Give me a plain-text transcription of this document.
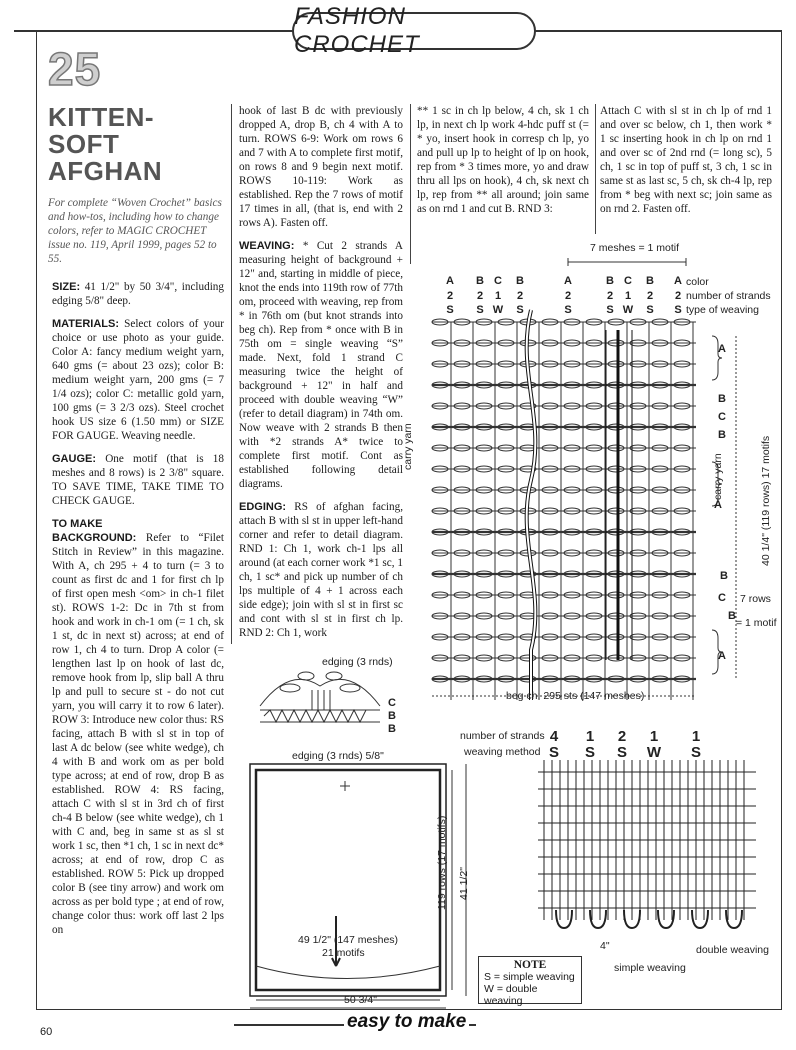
FASHION CROCHET
25
KITTEN-SOFT AFGHAN
For complete “Woven Crochet” basics and how-tos, including how to change colors, refer to MAGIC CROCHET issue no. 119, April 1999, pages 52 to 55.

SIZE: 41 1/2" by 50 3/4", including edging 5/8" deep.

MATERIALS: Select colors of your choice or use photo as your guide. Color A: fancy medium weight yarn, 640 gms (= about 23 ozs); color B: medium weight yarn, 200 gms (= 7 1/4 ozs); color C: metallic gold yarn, 100 gms (= 3 2/3 ozs). Steel crochet hook US size 6 (1.50 mm) or SIZE FOR GAUGE. Weaving needle.

GAUGE: One motif (that is 18 meshes and 8 rows) is 2 3/8" square. TO SAVE TIME, TAKE TIME TO CHECK GAUGE.

TO MAKE
BACKGROUND: Refer to “Filet Stitch in Review” in this magazine. With A, ch 295 + 4 to turn (= 3 to count as first dc and 1 for first ch lp of first open mesh <om> in ch-1 filet st). ROWS 1-2: Dc in 7th st from hook and work in ch-1 om (= 1 ch, sk 1 st, dc in next st) across; at end of row 1, ch 4 to turn. Drop A color (= lengthen last lp on hook of last dc, remove hook from lp, slip ball A thru lp and pull to secure st - do not cut yarn, you will carry it to row 6 later). ROW 3: Introduce new color thus: RS facing, attach B with sl st in top of last A dc below (see white wedge), ch 4 with B and work om as per bold type across; at end of row, drop B as established. ROW 4: RS facing, attach C with sl st in 3rd ch of first ch-4 B below (see white wedge), ch 1 with C and, beg in same st as sl st work 1 sc, then *1 ch, 1 sc in next dc* across; at end of row, drop C as established. ROW 5: Pick up dropped color B (see tiny arrow) and work om across as per bold type ; at end of row, change color thus: work off last 2 lps on

hook of last B dc with previously dropped A, drop B, ch 4 with A to turn. ROWS 6-9: Work om rows 6 and 7 with A to complete first motif, on rows 8 and 9 begin next motif. ROWS 10-119: Work as established. Rep the 7 rows of motif 17 times in all, (that is, end with 2 rows A). Fasten off.

WEAVING: * Cut 2 strands A measuring height of background + 12" and, starting in middle of piece, knot the ends into 119th row of 77th om, proceed with weaving, rep from * in 76th om (but knot strands into beg ch). Rep from * once with B in 75th om = single weaving “S” made. Next, fold 1 strand C measuring twice the height of background + 12" in half and proceed with double weaving “W” (refer to detail diagram) in 74th om. Now weave with 2 strands B then with *2 strands A* twice to complete first motif. Cont as established following detail diagrams.

EDGING: RS of afghan facing, attach B with sl st in upper left-hand corner and refer to detail diagram. RND 1: Ch 1, work ch-1 lps all around (at each corner work *1 sc, 1 ch, 1 sc* and pick up number of ch lps multiple of 4 + 1 across each side edge); join with sl st in first sc and cont with sl st in first ch lp. RND 2: Ch 1, work

** 1 sc in ch lp below, 4 ch, sk 1 ch lp, in next ch lp work 4-hdc puff st (= * yo, insert hook in corresp ch lp, yo and pull up lp to height of lp on hook, rep from * 3 times more, yo and draw thru all lps on hook), 4 ch, sk next ch lp, rep from ** all around; join same as on rnd 1 and cut B. RND 3:

Attach C with sl st in ch lp of rnd 1 and over sc below, ch 1, then work * 1 sc inserting hook in ch lp on rnd 1 and over sc of 2nd rnd (= long sc), 5 ch, 1 sc in top of puff st, 3 ch, 1 sc in same st as last sc, 5 ch, sk ch-4 lp, rep from * beg with next sc; join same as on rnd 2. Fasten off.

7 meshes = 1 motif
color
number of strands
type of weaving
A B C B	A	B C B A
2 2 1 2	2	2 1 2 2
S S W S	S	S W S S
A
B
C
B
A
B
C
B
A
carry yarn
carry yarn	40 1/4" (119 rows) 17 motifs
7 rows
= 1 motif
beg ch: 295 sts (147 meshes)
edging (3 rnds)
C
B
B
edging (3 rnds) 5/8"
119 rows (17 motifs) 41 1/2"
49 1/2" (147 meshes)
21 motifs
50 3/4"
number of strands
weaving method
4 1 2 1 1
S S S W S
4"	double weaving
simple weaving
NOTE
S = simple weaving
W = double weaving
easy to make
60
